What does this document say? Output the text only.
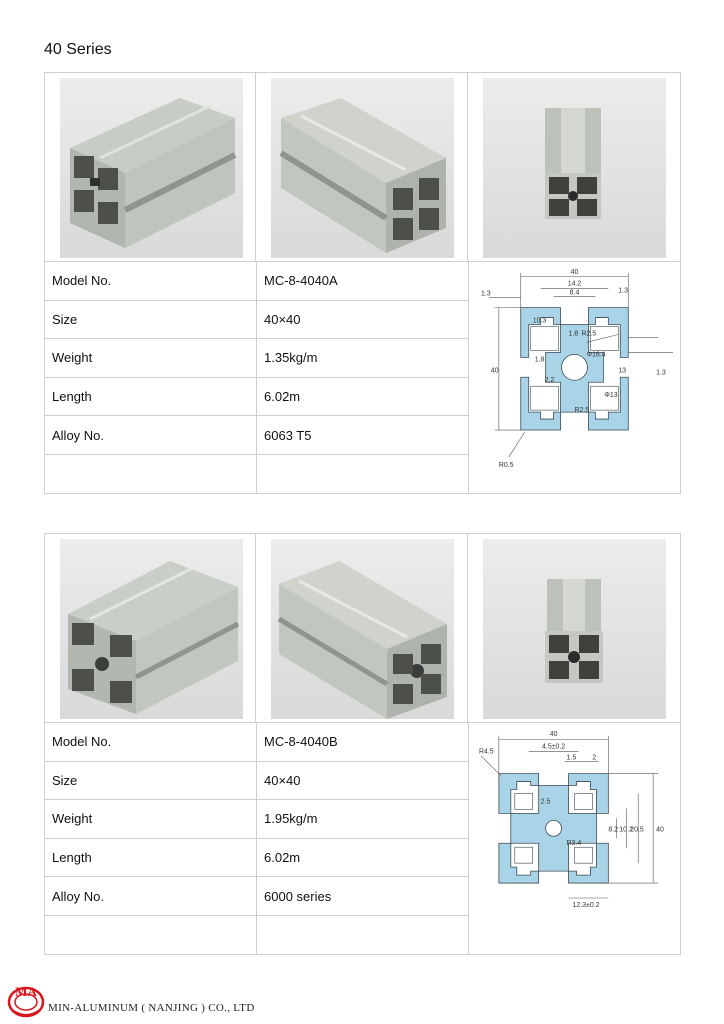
40 Series
Model No.	MC-8-4040A
Size	40×40
Weight	1.35kg/m
Length	6.02m
Alloy No.	6063 T5
40
14.2
8.4
1.3	1.3
10.3
1.8 R2.5
Φ16.4
1.8
13	1.3
2.2
R2.5
Φ13
R0.5
40
Model No.	MC-8-4040B
Size	40×40
Weight	1.95kg/m
Length	6.02m
Alloy No.	6000 series
40
4.5±0.2
1.5 2
R4.5
2.5
R3.4
8.2 10.2
20.5 40
12.3±0.2
MA
MIN-ALUMINUM ( NANJING ) CO., LTD
